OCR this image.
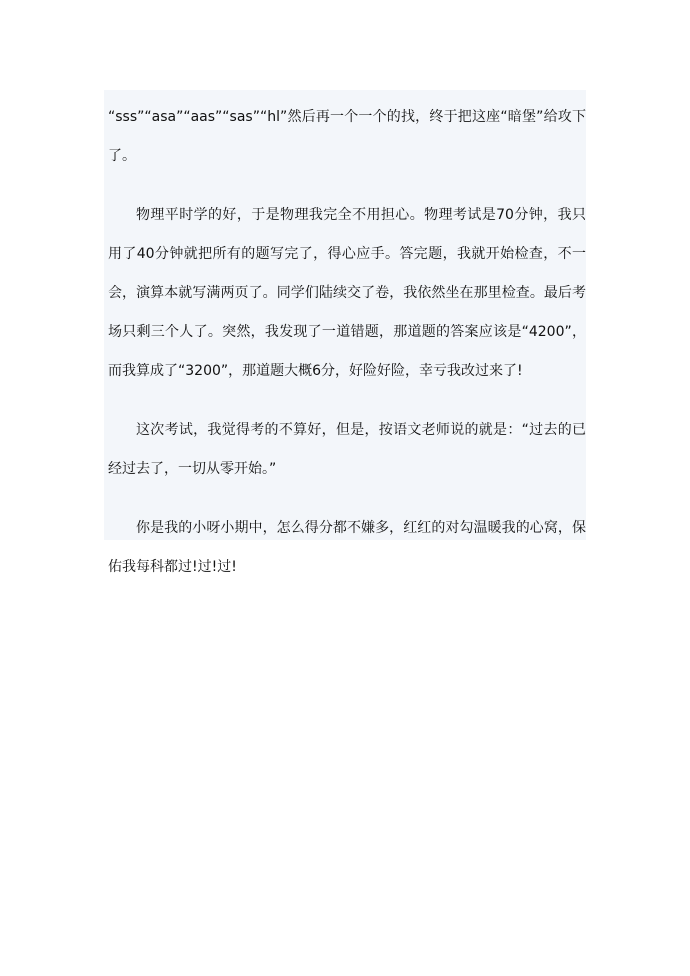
“sss”“asa”“aas”“sas”“hl”然后再一个一个的找，终于把这座“暗堡”给攻下了。

物理平时学的好，于是物理我完全不用担心。物理考试是70分钟，我只用了40分钟就把所有的题写完了，得心应手。答完题，我就开始检查，不一会，演算本就写满两页了。同学们陆续交了卷，我依然坐在那里检查。最后考场只剩三个人了。突然，我发现了一道错题，那道题的答案应该是“4200”，而我算成了“3200”，那道题大概6分，好险好险，幸亏我改过来了!

这次考试，我觉得考的不算好，但是，按语文老师说的就是：“过去的已经过去了，一切从零开始。”

你是我的小呀小期中，怎么得分都不嫌多，红红的对勾温暖我的心窝，保佑我每科都过!过!过!
